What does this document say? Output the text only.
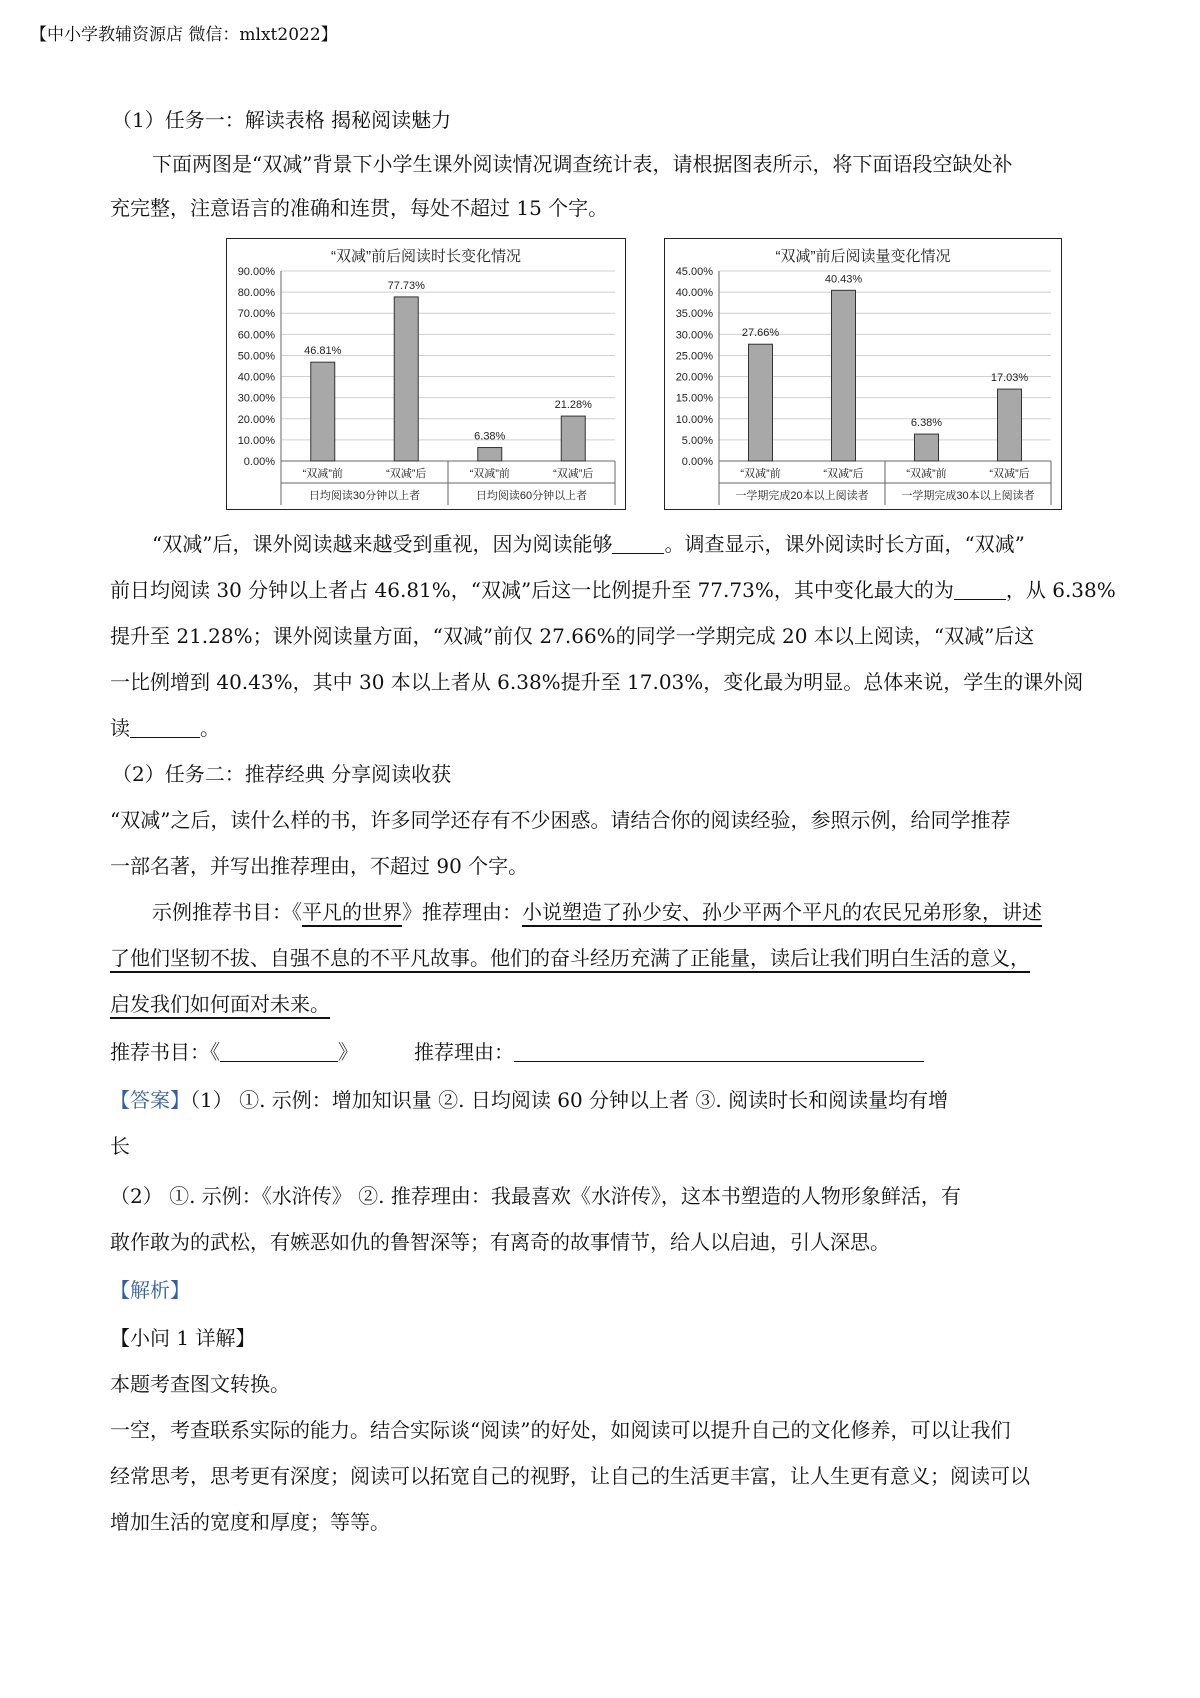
【中小学教辅资源店 微信：mlxt2022】
（1）任务一：解读表格 揭秘阅读魅力
下面两图是“双减”背景下小学生课外阅读情况调查统计表，请根据图表所示，将下面语段空缺处补
充完整，注意语言的准确和连贯，每处不超过 15 个字。
“双减”前后阅读时长变化情况
0.00%
10.00%
20.00%
30.00%
40.00%
50.00%
60.00%
70.00%
80.00%
90.00%
46.81%
“双减”前
77.73%
“双减”后
6.38%
“双减”前
21.28%
“双减”后
日均阅读30分钟以上者	日均阅读60分钟以上者
“双减”前后阅读量变化情况
0.00%
5.00%
10.00%
15.00%
20.00%
25.00%
30.00%
35.00%
40.00%
45.00%
27.66%
“双减”前
40.43%
“双减”后
6.38%
“双减”前
17.03%
“双减”后
一学期完成20本以上阅读者	一学期完成30本以上阅读者
“双减”后，课外阅读越来越受到重视，因为阅读能够	。调查显示，课外阅读时长方面，“双减”
前日均阅读 30 分钟以上者占 46.81%，“双减”后这一比例提升至 77.73%，其中变化最大的为	，从 6.38%
提升至 21.28%；课外阅读量方面，“双减”前仅 27.66%的同学一学期完成 20 本以上阅读，“双减”后这
一比例增到 40.43%，其中 30 本以上者从 6.38%提升至 17.03%，变化最为明显。总体来说，学生的课外阅
读	。
（2）任务二：推荐经典 分享阅读收获
“双减”之后，读什么样的书，许多同学还存有不少困惑。请结合你的阅读经验，参照示例，给同学推荐
一部名著，并写出推荐理由，不超过 90 个字。
示例推荐书目：《平凡的世界》推荐理由：小说塑造了孙少安、孙少平两个平凡的农民兄弟形象，讲述
了他们坚韧不拔、自强不息的不平凡故事。他们的奋斗经历充满了正能量，读后让我们明白生活的意义，
启发我们如何面对未来。
推荐书目：《	》	推荐理由：
【答案】（1） ①. 示例：增加知识量 ②. 日均阅读 60 分钟以上者 ③. 阅读时长和阅读量均有增
长
（2） ①. 示例：《水浒传》 ②. 推荐理由：我最喜欢《水浒传》，这本书塑造的人物形象鲜活，有
敢作敢为的武松，有嫉恶如仇的鲁智深等；有离奇的故事情节，给人以启迪，引人深思。
【解析】
【小问 1 详解】
本题考查图文转换。
一空，考查联系实际的能力。结合实际谈“阅读”的好处，如阅读可以提升自己的文化修养，可以让我们
经常思考，思考更有深度；阅读可以拓宽自己的视野，让自己的生活更丰富，让人生更有意义；阅读可以
增加生活的宽度和厚度；等等。
